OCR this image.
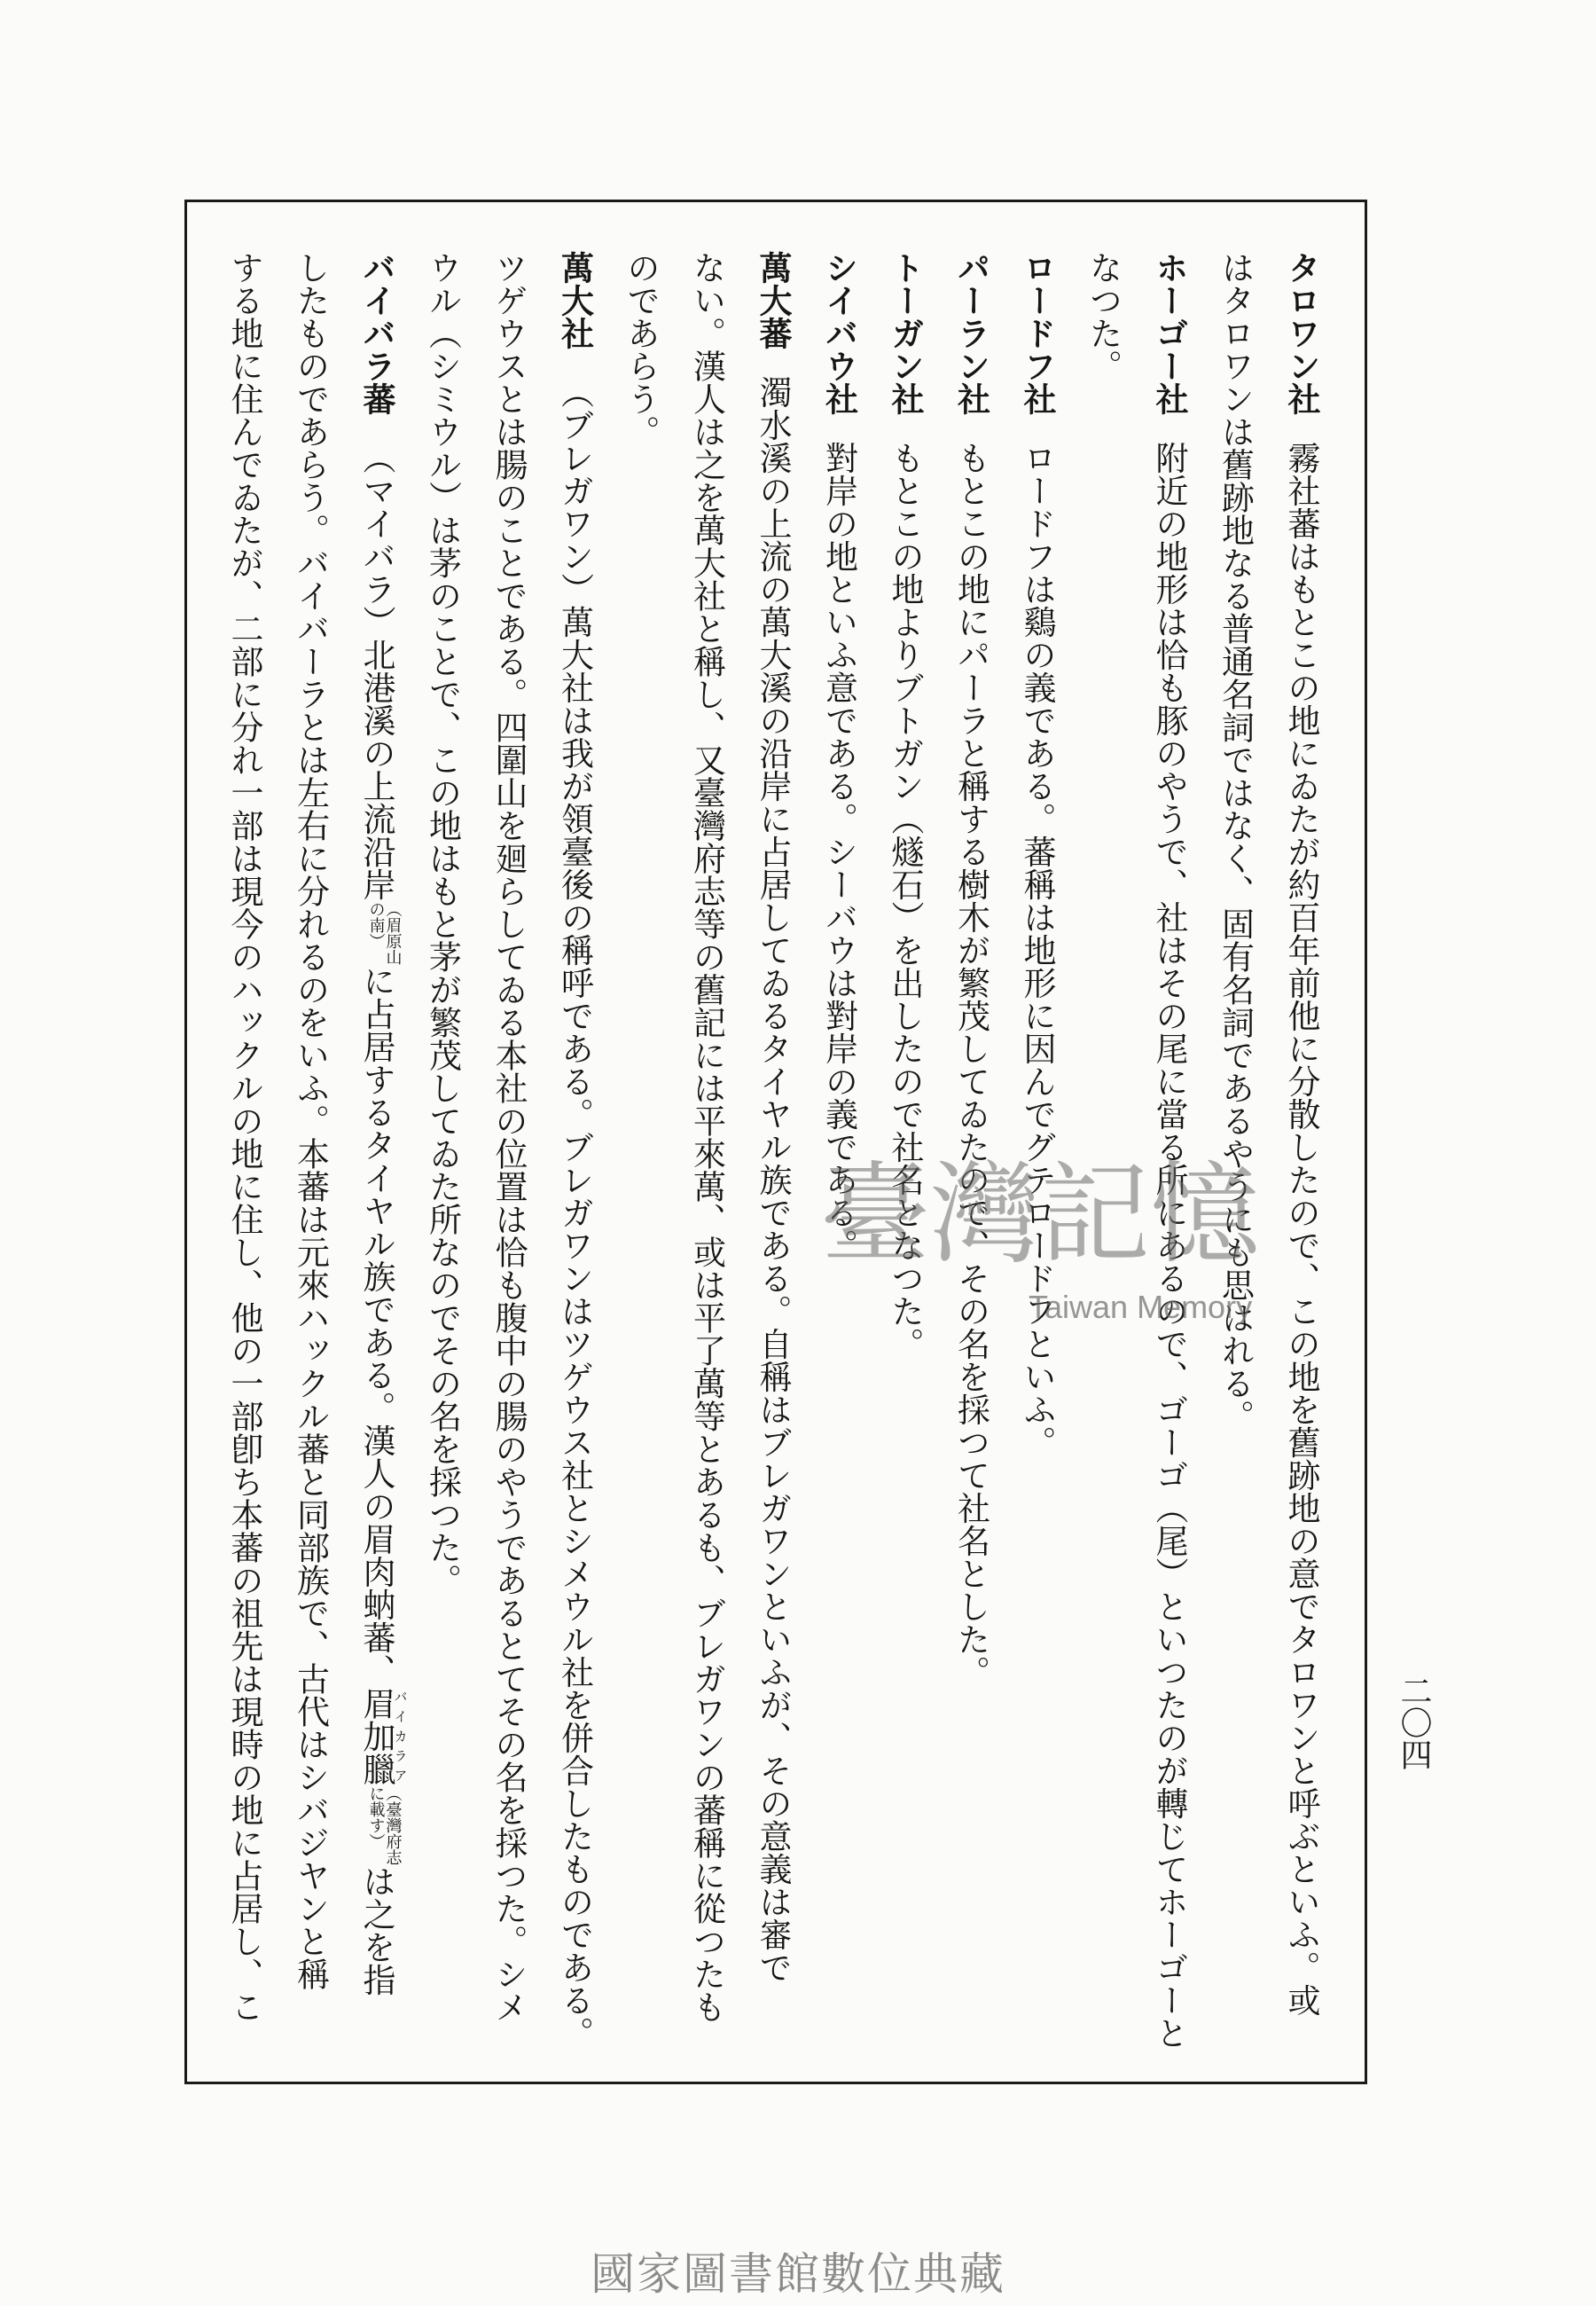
タロワン社霧社蕃はもとこの地にゐたが約百年前他に分散したので、この地を舊跡地の意でタロワンと呼ぶといふ。或
はタロワンは舊跡地なる普通名詞ではなく、固有名詞であるやうにも思はれる。
ホーゴー社附近の地形は恰も豚のやうで、社はその尾に當る所にあるので、ゴーゴ（尾）といつたのが轉じてホーゴーと
なつた。
ロードフ社ロードフは鷄の義である。蕃稱は地形に因んでグテロードフといふ。
パーラン社もとこの地にパーラと稱する樹木が繁茂してゐたので、その名を採つて社名とした。
トーガン社もとこの地よりブトガン（燧石）を出したので社名となつた。
シイバウ社對岸の地といふ意である。シーバウは對岸の義である。
萬大蕃濁水溪の上流の萬大溪の沿岸に占居してゐるタイヤル族である。自稱はブレガワンといふが、その意義は審で
ない。漢人は之を萬大社と稱し、又臺灣府志等の舊記には平來萬、或は平了萬等とあるも、ブレガワンの蕃稱に從つたも
のであらう。
萬大社（ブレガワン）萬大社は我が領臺後の稱呼である。ブレガワンはツゲウス社とシメウル社を併合したものである。
ツゲウスとは腸のことである。四圍山を廻らしてゐる本社の位置は恰も腹中の腸のやうであるとてその名を採つた。シメ
ウル（シミウル）は茅のことで、この地はもと茅が繁茂してゐた所なのでその名を採つた。
バイバラ蕃（マイバラ）北港溪の上流沿岸
（眉原山
の南）
に占居するタイヤル族である。漢人の眉肉蚋蕃、眉加臘バイカラア
（臺灣府志
に載す）
は之を指
したものであらう。バイバーラとは左右に分れるのをいふ。本蕃は元來ハックル蕃と同部族で、古代はシバジヤンと稱
する地に住んでゐたが、二部に分れ一部は現今のハックルの地に住し、他の一部卽ち本蕃の祖先は現時の地に占居し、こ	二〇四
臺灣記憶
Taiwan Memory
國家圖書館數位典藏
